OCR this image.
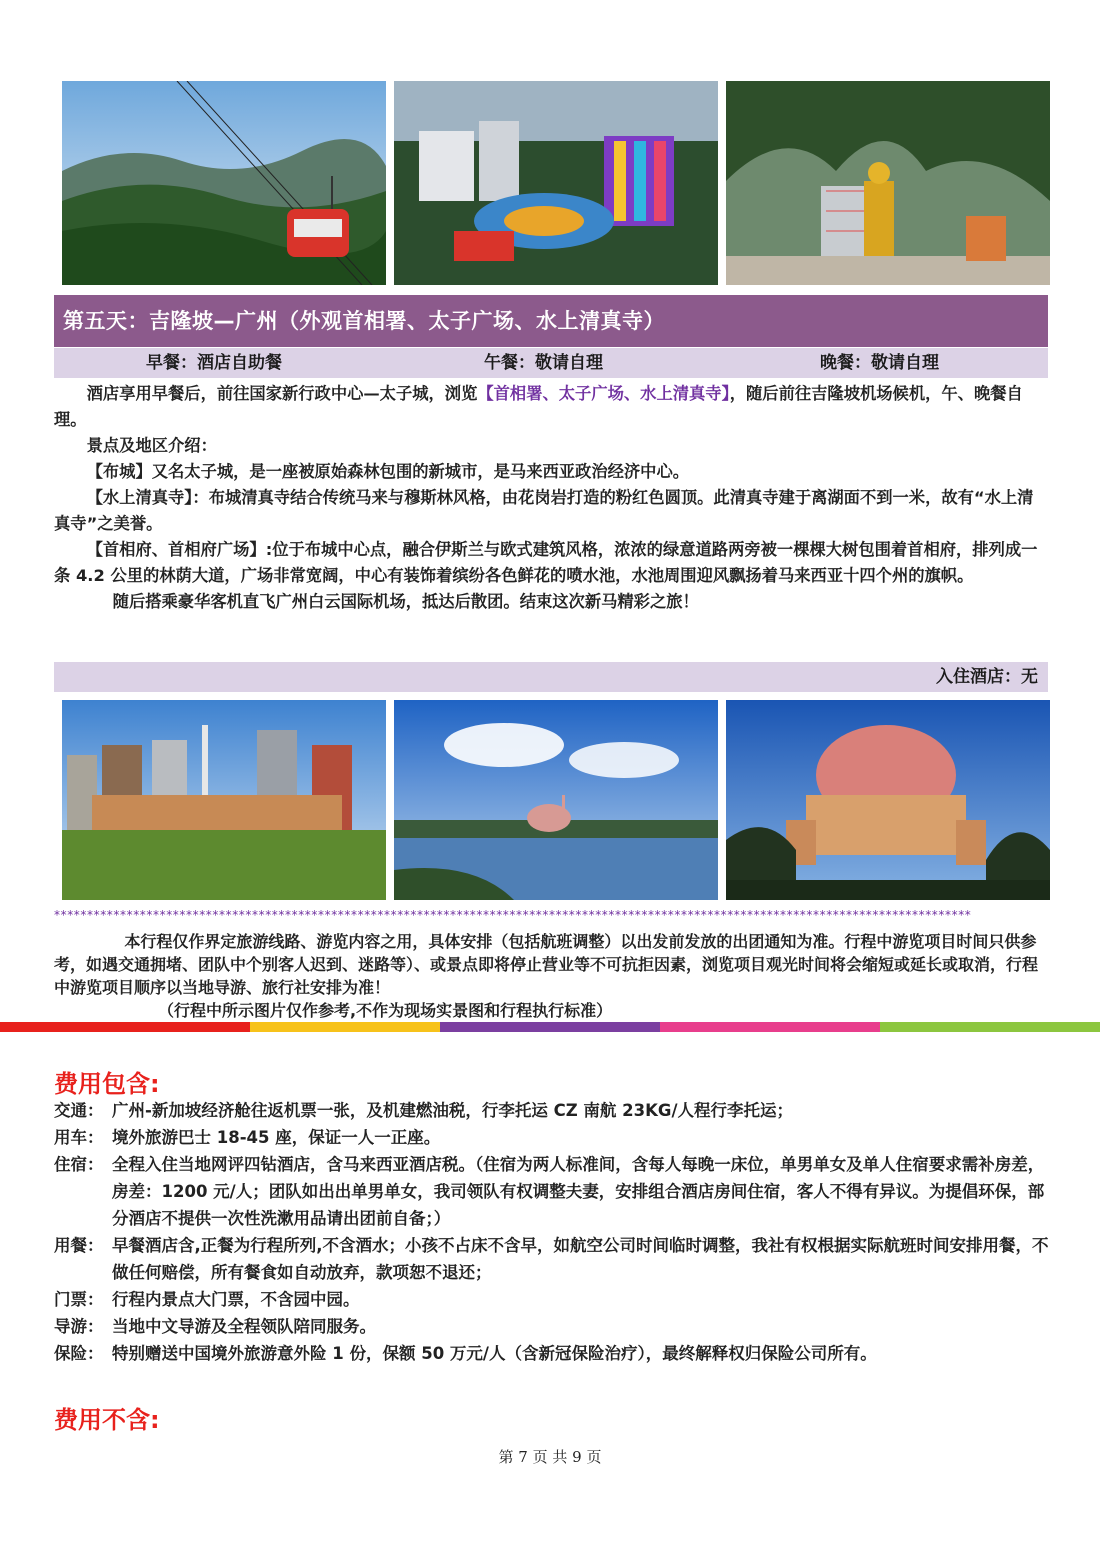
第五天：吉隆坡—广州（外观首相署、太子广场、水上清真寺）
早餐：酒店自助餐	午餐：敬请自理	晚餐：敬请自理

酒店享用早餐后，前往国家新行政中心—太子城，浏览【首相署、太子广场、水上清真寺】，随后前往吉隆坡机场候机，午、晚餐自理。

景点及地区介绍：

【布城】又名太子城，是一座被原始森林包围的新城市，是马来西亚政治经济中心。

【水上清真寺】：布城清真寺结合传统马来与穆斯林风格，由花岗岩打造的粉红色圆顶。此清真寺建于离湖面不到一米，故有“水上清真寺”之美誉。

【首相府、首相府广场】:位于布城中心点，融合伊斯兰与欧式建筑风格，浓浓的绿意道路两旁被一棵棵大树包围着首相府，排列成一条 4.2 公里的林荫大道，广场非常宽阔，中心有装饰着缤纷各色鲜花的喷水池，水池周围迎风飘扬着马来西亚十四个州的旗帜。

随后搭乘豪华客机直飞广州白云国际机场，抵达后散团。结束这次新马精彩之旅！

入住酒店：无
*******************************************************************************************************************************************

本行程仅作界定旅游线路、游览内容之用，具体安排（包括航班调整）以出发前发放的出团通知为准。行程中游览项目时间只供参考，如遇交通拥堵、团队中个别客人迟到、迷路等）、或景点即将停止营业等不可抗拒因素，浏览项目观光时间将会缩短或延长或取消，行程中游览项目顺序以当地导游、旅行社安排为准！

（行程中所示图片仅作参考,不作为现场实景图和行程执行标准）

费用包含:
交通： 广州-新加坡经济舱往返机票一张，及机建燃油税，行李托运 CZ 南航 23KG/人程行李托运；
用车： 境外旅游巴士 18-45 座，保证一人一正座。
住宿： 全程入住当地网评四钻酒店，含马来西亚酒店税。（住宿为两人标准间，含每人每晚一床位，单男单女及单人住宿要求需补房差，房差：1200 元/人；团队如出出单男单女，我司领队有权调整夫妻，安排组合酒店房间住宿，客人不得有异议。为提倡环保，部分酒店不提供一次性洗漱用品请出团前自备；）
用餐： 早餐酒店含,正餐为行程所列,不含酒水；小孩不占床不含早，如航空公司时间临时调整，我社有权根据实际航班时间安排用餐，不做任何赔偿，所有餐食如自动放弃，款项恕不退还；
门票： 行程内景点大门票，不含园中园。
导游： 当地中文导游及全程领队陪同服务。
保险： 特别赠送中国境外旅游意外险 1 份，保额 50 万元/人（含新冠保险治疗），最终解释权归保险公司所有。
费用不含:
第 7 页 共 9 页
